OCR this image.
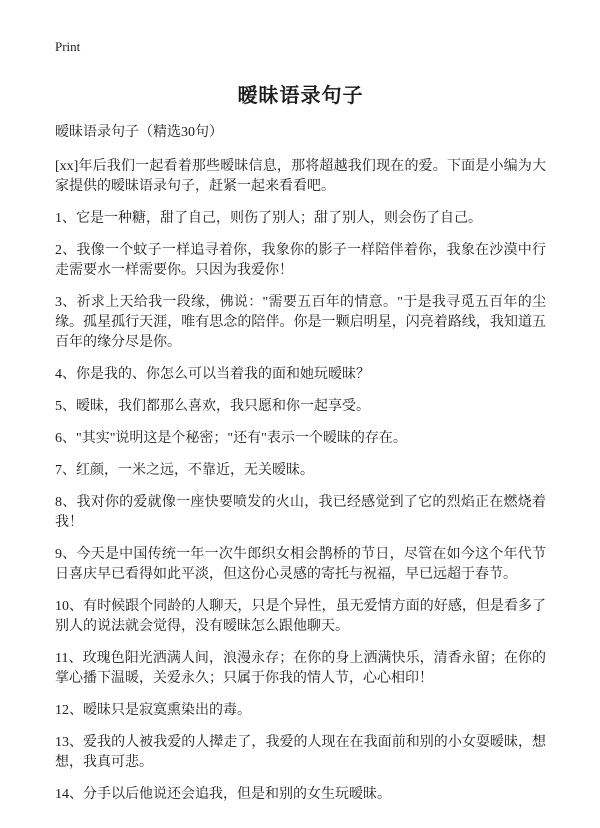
Print
暧昧语录句子

暧昧语录句子（精选30句）

[xx]年后我们一起看着那些暧昧信息，那将超越我们现在的爱。下面是小编为大家提供的暧昧语录句子，赶紧一起来看看吧。

1、它是一种糖，甜了自己，则伤了别人；甜了别人，则会伤了自己。

2、我像一个蚊子一样追寻着你，我象你的影子一样陪伴着你，我象在沙漠中行走需要水一样需要你。只因为我爱你！

3、祈求上天给我一段缘，佛说："需要五百年的情意。"于是我寻觅五百年的尘缘。孤星孤行天涯，唯有思念的陪伴。你是一颗启明星，闪亮着路线，我知道五百年的缘分尽是你。

4、你是我的、你怎么可以当着我的面和她玩暧昧？

5、暧昧，我们都那么喜欢，我只愿和你一起享受。

6、"其实"说明这是个秘密；"还有"表示一个暧昧的存在。

7、红颜，一米之远，不靠近，无关暧昧。

8、我对你的爱就像一座快要喷发的火山，我已经感觉到了它的烈焰正在燃烧着我！

9、今天是中国传统一年一次牛郎织女相会鹊桥的节日，尽管在如今这个年代节日喜庆早已看得如此平淡，但这份心灵感的寄托与祝福，早已远超于春节。

10、有时候跟个同龄的人聊天，只是个异性，虽无爱情方面的好感，但是看多了别人的说法就会觉得，没有暧昧怎么跟他聊天。

11、玫瑰色阳光洒满人间，浪漫永存；在你的身上洒满快乐，清香永留；在你的掌心播下温暖，关爱永久；只属于你我的情人节，心心相印！

12、暧昧只是寂寞熏染出的毒。

13、爱我的人被我爱的人撵走了，我爱的人现在在我面前和别的小女耍暧昧，想想，我真可悲。

14、分手以后他说还会追我，但是和别的女生玩暧昧。
